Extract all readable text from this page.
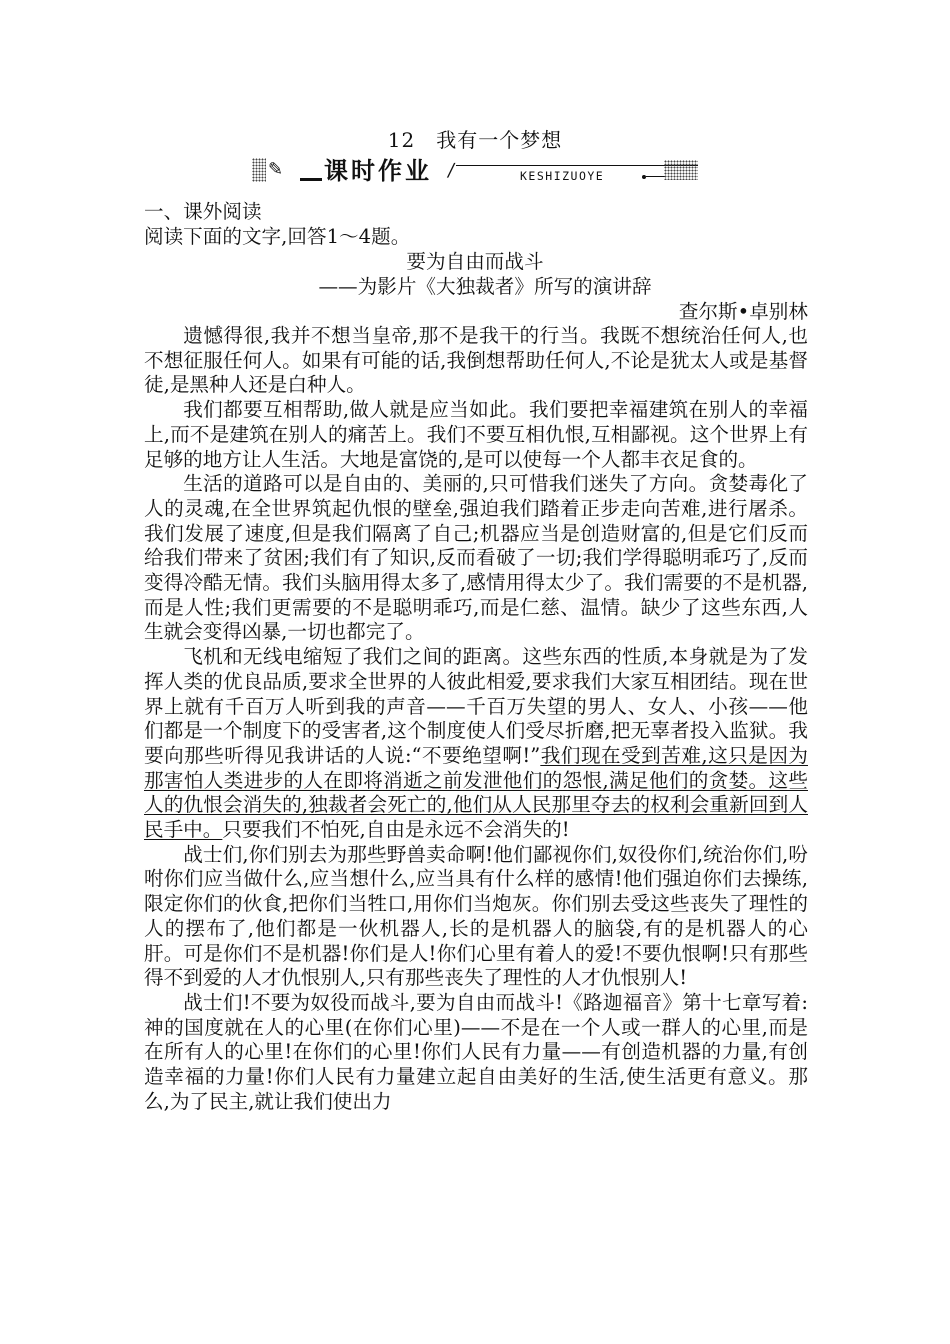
12　我有一个梦想
✎	课时作业 /	KESHIZUOYE
一、课外阅读
阅读下面的文字,回答1～4题。
要为自由而战斗
——为影片《大独裁者》所写的演讲辞
查尔斯•卓别林

遗憾得很,我并不想当皇帝,那不是我干的行当。我既不想统治任何人,也不想征服任何人。如果有可能的话,我倒想帮助任何人,不论是犹太人或是基督徒,是黑种人还是白种人。

我们都要互相帮助,做人就是应当如此。我们要把幸福建筑在别人的幸福上,而不是建筑在别人的痛苦上。我们不要互相仇恨,互相鄙视。这个世界上有足够的地方让人生活。大地是富饶的,是可以使每一个人都丰衣足食的。

生活的道路可以是自由的、美丽的,只可惜我们迷失了方向。贪婪毒化了人的灵魂,在全世界筑起仇恨的壁垒,强迫我们踏着正步走向苦难,进行屠杀。我们发展了速度,但是我们隔离了自己;机器应当是创造财富的,但是它们反而给我们带来了贫困;我们有了知识,反而看破了一切;我们学得聪明乖巧了,反而变得冷酷无情。我们头脑用得太多了,感情用得太少了。我们需要的不是机器,而是人性;我们更需要的不是聪明乖巧,而是仁慈、温情。缺少了这些东西,人生就会变得凶暴,一切也都完了。

飞机和无线电缩短了我们之间的距离。这些东西的性质,本身就是为了发挥人类的优良品质,要求全世界的人彼此相爱,要求我们大家互相团结。现在世界上就有千百万人听到我的声音——千百万失望的男人、女人、小孩——他们都是一个制度下的受害者,这个制度使人们受尽折磨,把无辜者投入监狱。我要向那些听得见我讲话的人说:“不要绝望啊!”我们现在受到苦难,这只是因为那害怕人类进步的人在即将消逝之前发泄他们的怨恨,满足他们的贪婪。这些人的仇恨会消失的,独裁者会死亡的,他们从人民那里夺去的权利会重新回到人民手中。只要我们不怕死,自由是永远不会消失的!

战士们,你们别去为那些野兽卖命啊!他们鄙视你们,奴役你们,统治你们,吩咐你们应当做什么,应当想什么,应当具有什么样的感情!他们强迫你们去操练,限定你们的伙食,把你们当牲口,用你们当炮灰。你们别去受这些丧失了理性的人的摆布了,他们都是一伙机器人,长的是机器人的脑袋,有的是机器人的心肝。可是你们不是机器!你们是人!你们心里有着人的爱!不要仇恨啊!只有那些得不到爱的人才仇恨别人,只有那些丧失了理性的人才仇恨别人!

战士们!不要为奴役而战斗,要为自由而战斗!《路迦福音》第十七章写着:神的国度就在人的心里(在你们心里)——不是在一个人或一群人的心里,而是在所有人的心里!在你们的心里!你们人民有力量——有创造机器的力量,有创造幸福的力量!你们人民有力量建立起自由美好的生活,使生活更有意义。那么,为了民主,就让我们使出力
